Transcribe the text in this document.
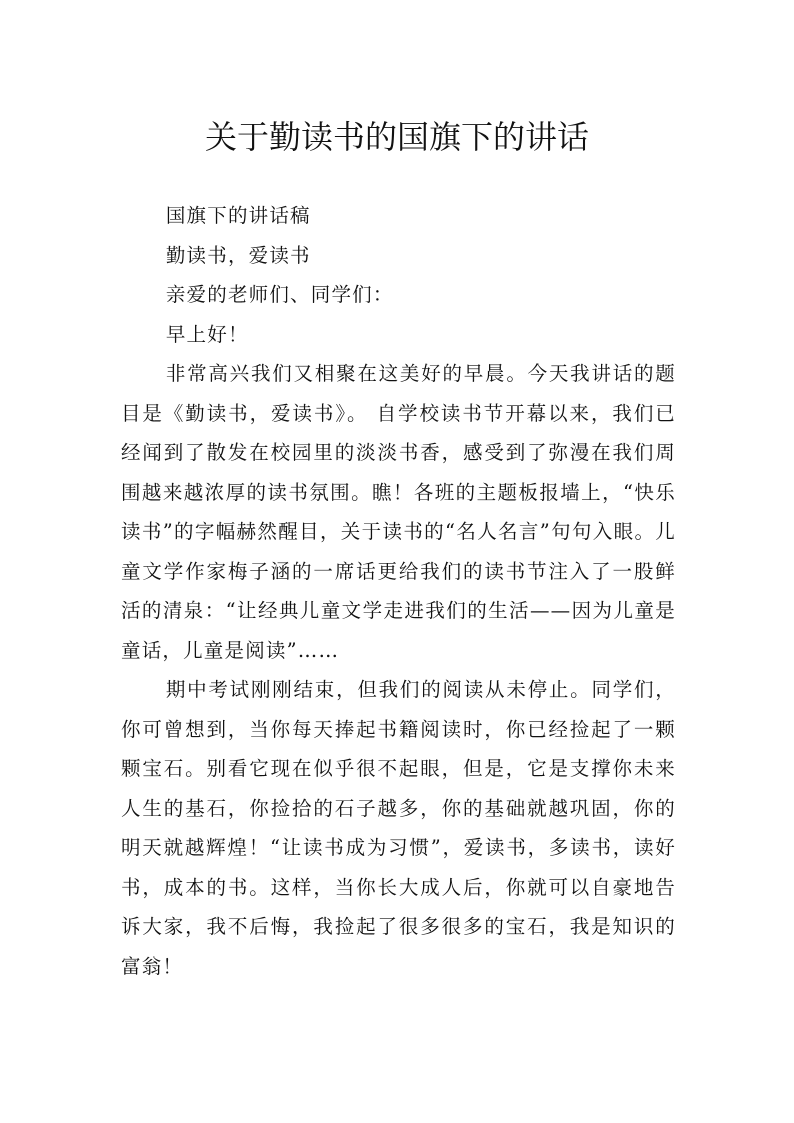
关于勤读书的国旗下的讲话

国旗下的讲话稿

勤读书，爱读书

亲爱的老师们、同学们：

早上好！

非常高兴我们又相聚在这美好的早晨。今天我讲话的题目是《勤读书，爱读书》。 自学校读书节开幕以来，我们已经闻到了散发在校园里的淡淡书香，感受到了弥漫在我们周围越来越浓厚的读书氛围。瞧！各班的主题板报墙上，“快乐读书”的字幅赫然醒目，关于读书的“名人名言”句句入眼。儿童文学作家梅子涵的一席话更给我们的读书节注入了一股鲜活的清泉：“让经典儿童文学走进我们的生活——因为儿童是童话，儿童是阅读”……

期中考试刚刚结束，但我们的阅读从未停止。同学们，你可曾想到，当你每天捧起书籍阅读时，你已经捡起了一颗颗宝石。别看它现在似乎很不起眼，但是，它是支撑你未来人生的基石，你捡拾的石子越多，你的基础就越巩固，你的明天就越辉煌！“让读书成为习惯”，爱读书，多读书，读好书，成本的书。这样，当你长大成人后，你就可以自豪地告诉大家，我不后悔，我捡起了很多很多的宝石，我是知识的富翁！
